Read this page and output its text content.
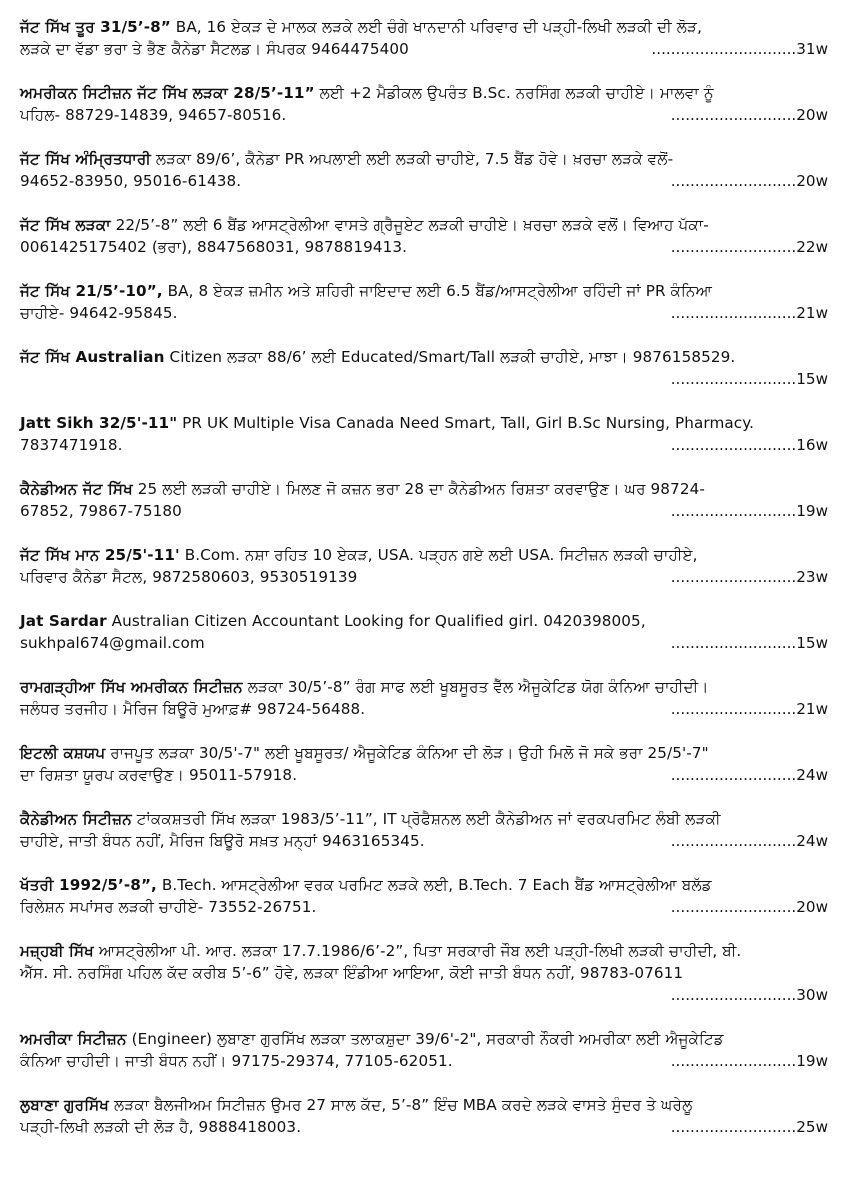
ਜੱਟ ਸਿੱਖ ਤੂਰ 31/5’-8” BA, 16 ਏਕੜ ਦੇ ਮਾਲਕ ਲੜਕੇ ਲਈ ਚੰਗੇ ਖਾਨਦਾਨੀ ਪਰਿਵਾਰ ਦੀ ਪੜ੍ਹੀ-ਲਿਖੀ ਲੜਕੀ ਦੀ ਲੋੜ,
ਲੜਕੇ ਦਾ ਵੱਡਾ ਭਰਾ ਤੇ ਭੈਣ ਕੈਨੇਡਾ ਸੈਟਲਡ। ਸੰਪਰਕ 9464475400	..............................31w
ਅਮਰੀਕਨ ਸਿਟੀਜ਼ਨ ਜੱਟ ਸਿੱਖ ਲੜਕਾ 28/5’-11” ਲਈ +2 ਮੈਡੀਕਲ ਉਪਰੰਤ B.Sc. ਨਰਸਿੰਗ ਲੜਕੀ ਚਾਹੀਏ। ਮਾਲਵਾ ਨੂੰ
ਪਹਿਲ- 88729-14839, 94657-80516.	..........................20w
ਜੱਟ ਸਿੱਖ ਅੰਮ੍ਰਿਤਧਾਰੀ ਲੜਕਾ 89/6’, ਕੈਨੇਡਾ PR ਅਪਲਾਈ ਲਈ ਲੜਕੀ ਚਾਹੀਏ, 7.5 ਬੈਂਡ ਹੋਵੇ। ਖ਼ਰਚਾ ਲੜਕੇ ਵਲੋਂ-
94652-83950, 95016-61438.	..........................20w
ਜੱਟ ਸਿੱਖ ਲੜਕਾ 22/5’-8” ਲਈ 6 ਬੈਂਡ ਆਸਟ੍ਰੇਲੀਆ ਵਾਸਤੇ ਗ੍ਰੈਜੂਏਟ ਲੜਕੀ ਚਾਹੀਏ। ਖ਼ਰਚਾ ਲੜਕੇ ਵਲੋਂ। ਵਿਆਹ ਪੱਕਾ-
0061425175402 (ਭਰਾ), 8847568031, 9878819413.	..........................22w
ਜੱਟ ਸਿੱਖ 21/5’-10”, BA, 8 ਏਕੜ ਜ਼ਮੀਨ ਅਤੇ ਸ਼ਹਿਰੀ ਜਾਇਦਾਦ ਲਈ 6.5 ਬੈਂਡ/ਆਸਟ੍ਰੇਲੀਆ ਰਹਿੰਦੀ ਜਾਂ PR ਕੰਨਿਆ
ਚਾਹੀਏ- 94642-95845.	..........................21w
ਜੱਟ ਸਿੱਖ Australian Citizen ਲੜਕਾ 88/6’ ਲਈ Educated/Smart/Tall ਲੜਕੀ ਚਾਹੀਏ, ਮਾਝਾ। 9876158529.
..........................15w
Jatt Sikh 32/5'-11" PR UK Multiple Visa Canada Need Smart, Tall, Girl B.Sc Nursing, Pharmacy.
7837471918.	..........................16w
ਕੈਨੇਡੀਅਨ ਜੱਟ ਸਿੱਖ 25 ਲਈ ਲੜਕੀ ਚਾਹੀਏ। ਮਿਲਣ ਜੋ ਕਜ਼ਨ ਭਰਾ 28 ਦਾ ਕੈਨੇਡੀਅਨ ਰਿਸ਼ਤਾ ਕਰਵਾਉਣ। ਘਰ 98724-
67852, 79867-75180	..........................19w
ਜੱਟ ਸਿੱਖ ਮਾਨ 25/5'-11' B.Com. ਨਸ਼ਾ ਰਹਿਤ 10 ਏਕੜ, USA. ਪੜ੍ਹਨ ਗਏ ਲਈ USA. ਸਿਟੀਜ਼ਨ ਲੜਕੀ ਚਾਹੀਏ,
ਪਰਿਵਾਰ ਕੈਨੇਡਾ ਸੈਟਲ, 9872580603, 9530519139	..........................23w
Jat Sardar Australian Citizen Accountant Looking for Qualified girl. 0420398005,
sukhpal674@gmail.com	..........................15w
ਰਾਮਗੜ੍ਹੀਆ ਸਿੱਖ ਅਮਰੀਕਨ ਸਿਟੀਜ਼ਨ ਲੜਕਾ 30/5’-8” ਰੰਗ ਸਾਫ ਲਈ ਖੂਬਸੂਰਤ ਵੈੱਲ ਐਜੂਕੇਟਿਡ ਯੋਗ ਕੰਨਿਆ ਚਾਹੀਦੀ।
ਜਲੰਧਰ ਤਰਜੀਹ। ਮੈਰਿਜ ਬਿਊਰੋ ਮੁਆਫ਼# 98724-56488.	..........................21w
ਇਟਲੀ ਕਸ਼ਯਪ ਰਾਜਪੂਤ ਲੜਕਾ 30/5'-7" ਲਈ ਖੂਬਸੂਰਤ/ ਐਜੂਕੇਟਿਡ ਕੰਨਿਆ ਦੀ ਲੋੜ। ਉਹੀ ਮਿਲੋ ਜੋ ਸਕੇ ਭਰਾ 25/5'-7"
ਦਾ ਰਿਸ਼ਤਾ ਯੂਰਪ ਕਰਵਾਉਣ। 95011-57918.	..........................24w
ਕੈਨੇਡੀਅਨ ਸਿਟੀਜ਼ਨ ਟਾਂਕਕਸ਼ਤਰੀ ਸਿੱਖ ਲੜਕਾ 1983/5’-11”, IT ਪ੍ਰੋਫੈਸ਼ਨਲ ਲਈ ਕੈਨੇਡੀਅਨ ਜਾਂ ਵਰਕਪਰਮਿਟ ਲੰਬੀ ਲੜਕੀ
ਚਾਹੀਏ, ਜਾਤੀ ਬੰਧਨ ਨਹੀਂ, ਮੈਰਿਜ ਬਿਊਰੋ ਸਖ਼ਤ ਮਨ੍ਹਾਂ 9463165345.	..........................24w
ਖੱਤਰੀ 1992/5’-8”, B.Tech. ਆਸਟ੍ਰੇਲੀਆ ਵਰਕ ਪਰਮਿਟ ਲੜਕੇ ਲਈ, B.Tech. 7 Each ਬੈਂਡ ਆਸਟ੍ਰੇਲੀਆ ਬਲੱਡ
ਰਿਲੇਸ਼ਨ ਸਪਾਂਸਰ ਲੜਕੀ ਚਾਹੀਏ- 73552-26751.	..........................20w
ਮਜ਼੍ਹਬੀ ਸਿੱਖ ਆਸਟ੍ਰੇਲੀਆ ਪੀ. ਆਰ. ਲੜਕਾ 17.7.1986/6’-2”, ਪਿਤਾ ਸਰਕਾਰੀ ਜੌਬ ਲਈ ਪੜ੍ਹੀ-ਲਿਖੀ ਲੜਕੀ ਚਾਹੀਦੀ, ਬੀ.
ਐੱਸ. ਸੀ. ਨਰਸਿੰਗ ਪਹਿਲ ਕੱਦ ਕਰੀਬ 5’-6” ਹੋਵੇ, ਲੜਕਾ ਇੰਡੀਆ ਆਇਆ, ਕੋਈ ਜਾਤੀ ਬੰਧਨ ਨਹੀਂ, 98783-07611
..........................30w
ਅਮਰੀਕਾ ਸਿਟੀਜ਼ਨ (Engineer) ਲੁਬਾਣਾ ਗੁਰਸਿੱਖ ਲੜਕਾ ਤਲਾਕਸ਼ੁਦਾ 39/6'-2", ਸਰਕਾਰੀ ਨੌਕਰੀ ਅਮਰੀਕਾ ਲਈ ਐਜੂਕੇਟਿਡ
ਕੰਨਿਆ ਚਾਹੀਦੀ। ਜਾਤੀ ਬੰਧਨ ਨਹੀਂ। 97175-29374, 77105-62051.	..........................19w
ਲੁਬਾਣਾ ਗੁਰਸਿੱਖ ਲੜਕਾ ਬੈਲਜੀਅਮ ਸਿਟੀਜ਼ਨ ਉਮਰ 27 ਸਾਲ ਕੱਦ, 5’-8” ਇੰਚ MBA ਕਰਦੇ ਲੜਕੇ ਵਾਸਤੇ ਸੁੰਦਰ ਤੇ ਘਰੇਲੂ
ਪੜ੍ਹੀ-ਲਿਖੀ ਲੜਕੀ ਦੀ ਲੋੜ ਹੈ, 9888418003.	..........................25w
